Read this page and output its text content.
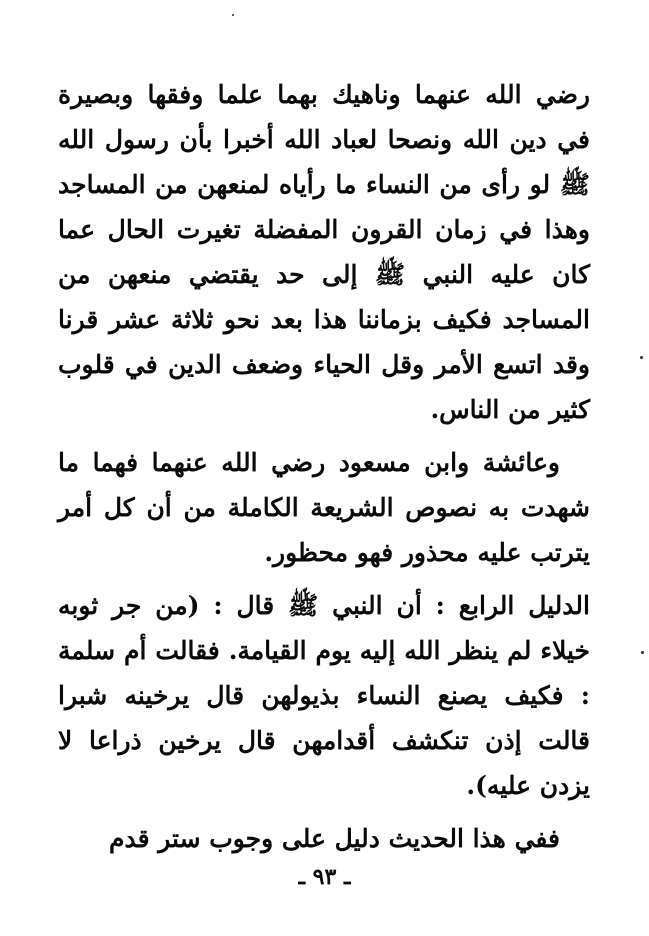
رضي الله عنهما وناهيك بهما علما وفقها وبصيرة في دين الله ونصحا لعباد الله أخبرا بأن رسول الله ﷺ لو رأى من النساء ما رأياه لمنعهن من المساجد وهذا في زمان القرون المفضلة تغيرت الحال عما كان عليه النبي ﷺ إلى حد يقتضي منعهن من المساجد فكيف بزماننا هذا بعد نحو ثلاثة عشر قرنا وقد اتسع الأمر وقل الحياء وضعف الدين في قلوب كثير من الناس.

وعائشة وابن مسعود رضي الله عنهما فهما ما شهدت به نصوص الشريعة الكاملة من أن كل أمر يترتب عليه محذور فهو محظور.

الدليل الرابع : أن النبي ﷺ قال : (من جر ثوبه خيلاء لم ينظر الله إليه يوم القيامة. فقالت أم سلمة : فكيف يصنع النساء بذيولهن قال يرخينه شبرا قالت إذن تنكشف أقدامهن قال يرخين ذراعا لا يزدن عليه).

ففي هذا الحديث دليل على وجوب ستر قدم

ـ ٩٣ ـ
